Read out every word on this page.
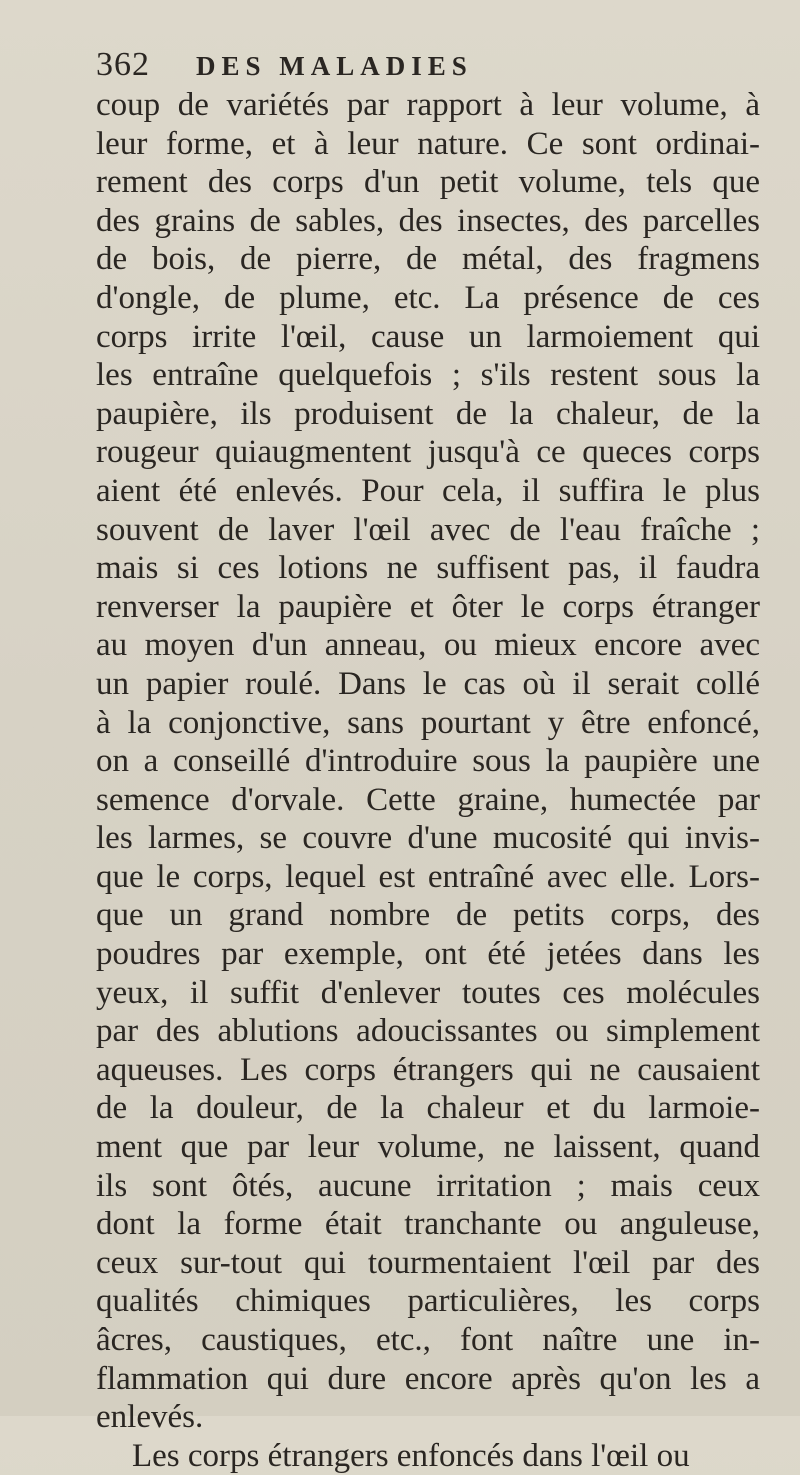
362 DES MALADIES
coup de variétés par rapport à leur volume, à
leur forme, et à leur nature. Ce sont ordinai-
rement des corps d'un petit volume, tels que
des grains de sables, des insectes, des parcelles
de bois, de pierre, de métal, des fragmens
d'ongle, de plume, etc. La présence de ces
corps irrite l'œil, cause un larmoiement qui
les entraîne quelquefois ; s'ils restent sous la
paupière, ils produisent de la chaleur, de la
rougeur quiaugmentent jusqu'à ce queces corps
aient été enlevés. Pour cela, il suffira le plus
souvent de laver l'œil avec de l'eau fraîche ;
mais si ces lotions ne suffisent pas, il faudra
renverser la paupière et ôter le corps étranger
au moyen d'un anneau, ou mieux encore avec
un papier roulé. Dans le cas où il serait collé
à la conjonctive, sans pourtant y être enfoncé,
on a conseillé d'introduire sous la paupière une
semence d'orvale. Cette graine, humectée par
les larmes, se couvre d'une mucosité qui invis-
que le corps, lequel est entraîné avec elle. Lors-
que un grand nombre de petits corps, des
poudres par exemple, ont été jetées dans les
yeux, il suffit d'enlever toutes ces molécules
par des ablutions adoucissantes ou simplement
aqueuses. Les corps étrangers qui ne causaient
de la douleur, de la chaleur et du larmoie-
ment que par leur volume, ne laissent, quand
ils sont ôtés, aucune irritation ; mais ceux
dont la forme était tranchante ou anguleuse,
ceux sur-tout qui tourmentaient l'œil par des
qualités chimiques particulières, les corps
âcres, caustiques, etc., font naître une in-
flammation qui dure encore après qu'on les a
enlevés.
Les corps étrangers enfoncés dans l'œil ou
